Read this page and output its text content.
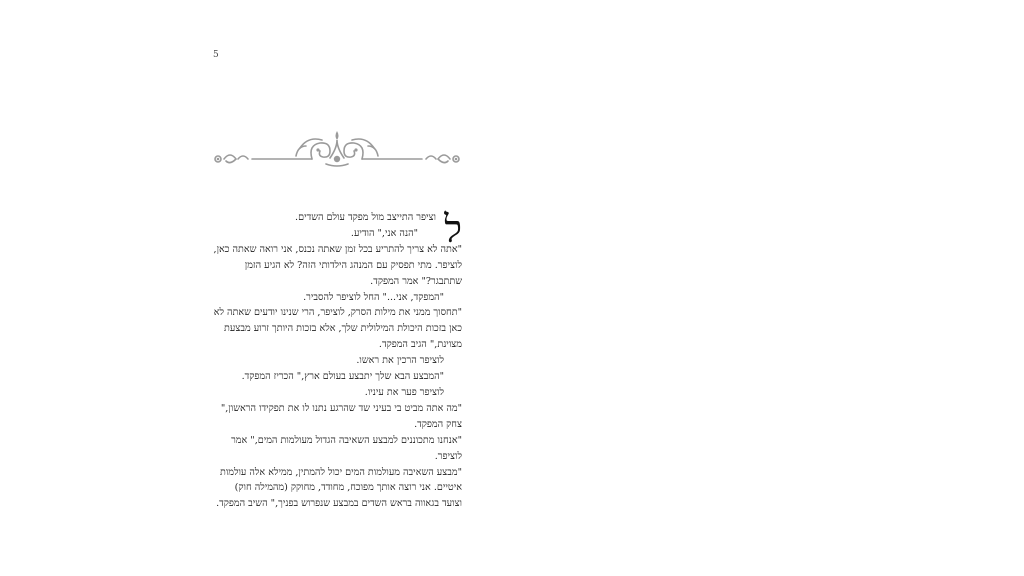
5
ל

וציפר התייצב מול מפקד עולם השדים.

"הנה אני," הודיע.

"אתה לא צריך להתריע בכל זמן שאתה נכנס, אני רואה שאתה כאן, לוציפר. מתי תפסיק עם המנהג הילדותי הזה? לא הגיע הזמן שתתבגר?" אמר המפקד.

"המפקד, אני..." החל לוציפר להסביר.

"תחסוך ממני את מילות הסרק, לוציפר, הרי שנינו יודעים שאתה לא כאן בזכות היכולת המילולית שלך, אלא בזכות היותך זרוע מבצעת מצוינת," הגיב המפקד.

לוציפר הרכין את ראשו.

"המבצע הבא שלך יתבצע בעולם ארץ," הכריז המפקד.

לוציפר פער את עיניו.

"מה אתה מביט בי בעיני שד שהרגע נתנו לו את תפקידו הראשון," צחק המפקד.

"אנחנו מתכוננים למבצע השאיבה הגדול מעולמות המים," אמר לוציפר.

"מבצע השאיבה מעולמות המים יכול להמתין, ממילא אלה עולמות איטיים. אני רוצה אותך מפוכח, מחודד, מחוקק (מהמילה חוק) וצועד בגאווה בראש השדים במבצע שנפרוש בפניך," השיב המפקד.
